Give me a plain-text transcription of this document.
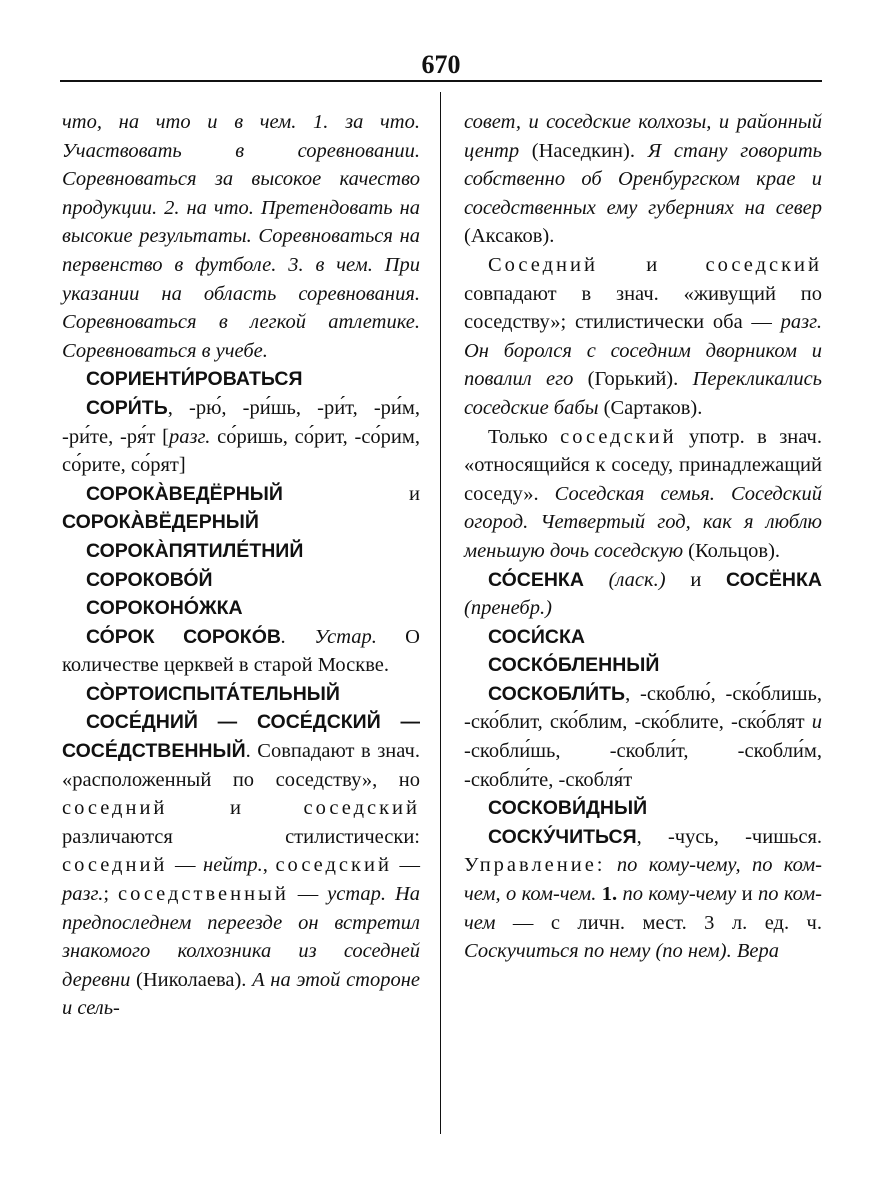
670

что, на что и в чем. 1. за что. Участвовать в соревновании. Соревноваться за высокое качество продукции. 2. на что. Претендовать на высокие результаты. Соревноваться на первенство в футболе. 3. в чем. При указании на область соревнования. Соревноваться в легкой атлетике. Соревноваться в учебе.

СОРИЕНТИ́РОВАТЬСЯ

СОРИ́ТЬ, -рю́, -ри́шь, -ри́т, -ри́м, -ри́те, -ря́т [разг. со́ришь, со́рит, -со́рим, со́рите, со́рят]

СОРОКА̀ВЕДЁРНЫЙ и СОРОКА̀ВЁДЕРНЫЙ

СОРОКА̀ПЯТИЛЕ́ТНИЙ

СОРОКОВО́Й

СОРОКОНО́ЖКА

СО́РОК СОРОКО́В. Устар. О количестве церквей в старой Москве.

СО̀РТОИСПЫТА́ТЕЛЬНЫЙ

СОСЕ́ДНИЙ — СОСЕ́ДСКИЙ — СОСЕ́ДСТВЕННЫЙ. Совпадают в знач. «расположенный по соседству», но соседний и соседский различаются стилистически: соседний — нейтр., соседский — разг.; соседственный — устар. На предпоследнем переезде он встретил знакомого колхозника из соседней деревни (Николаева). А на этой стороне и сель-

совет, и соседские колхозы, и районный центр (Наседкин). Я стану говорить собственно об Оренбургском крае и соседственных ему губерниях на север (Аксаков).

Соседний и соседский совпадают в знач. «живущий по соседству»; стилистически оба — разг. Он боролся с соседним дворником и повалил его (Горький). Перекликались соседские бабы (Сартаков).

Только соседский употр. в знач. «относящийся к соседу, принадлежащий соседу». Соседская семья. Соседский огород. Четвертый год, как я люблю меньшую дочь соседскую (Кольцов).

СО́СЕНКА (ласк.) и СОСЁНКА (пренебр.)

СОСИ́СКА

СОСКО́БЛЕННЫЙ

СОСКОБЛИ́ТЬ, -скоблю́, -ско́блишь, -ско́блит, ско́блим, -ско́блите, -ско́блят и -скобли́шь, -скобли́т, -скобли́м, -скобли́те, -скобля́т

СОСКОВИ́ДНЫЙ

СОСКУ́ЧИТЬСЯ, -чусь, -чишься. Управление: по кому-чему, по ком-чем, о ком-чем. 1. по кому-чему и по ком-чем — с личн. мест. 3 л. ед. ч. Соскучиться по нему (по нем). Вера
